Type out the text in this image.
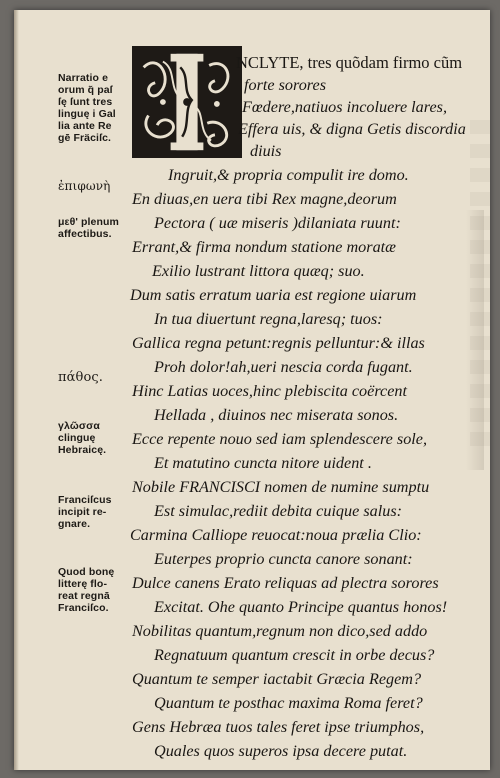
Narratio e
orum q̃ paſ
ſę ſunt tres
linguę i Gal
lia ante Re
gē Fräciſc.
ἐπιφωνὴ
μεθ' plenum
affectibus.
πάθος.
γλῶσσα
clinguę
Hebraicę.
Franciſcus
incipit re-
gnare.
Quod bonę
litterę flo-
reat regnā
Franciſco.
NCLYTE, tres quõdam firmo cũm
forte sorores
Fœdere,natiuos incoluere lares,
Effera uis, & digna Getis discordia
diuis
Ingruit,& propria compulit ire domo.
En diuas,en uera tibi Rex magne,deorum
Pectora ( uæ miseris )dilaniata ruunt:
Errant,& firma nondum statione moratæ
Exilio lustrant littora quæq; suo.
Dum satis erratum uaria est regione uiarum
In tua diuertunt regna,laresq; tuos:
Gallica regna petunt:regnis pelluntur:& illas
Proh dolor!ah,ueri nescia corda fugant.
Hinc Latias uoces,hinc plebiscita coërcent
Hellada , diuinos nec miserata sonos.
Ecce repente nouo sed iam splendescere sole,
Et matutino cuncta nitore uident .
Nobile FRANCISCI nomen de numine sumptu
Est simulac,rediit debita cuique salus:
Carmina Calliope reuocat:noua prælia Clio:
Euterpes proprio cuncta canore sonant:
Dulce canens Erato reliquas ad plectra sorores
Excitat. Ohe quanto Principe quantus honos!
Nobilitas quantum,regnum non dico,sed addo
Regnatuum quantum crescit in orbe decus?
Quantum te semper iactabit Græcia Regem?
Quantum te posthac maxima Roma feret?
Gens Hebræa tuos tales feret ipse triumphos,
Quales quos superos ipsa decere putat.
